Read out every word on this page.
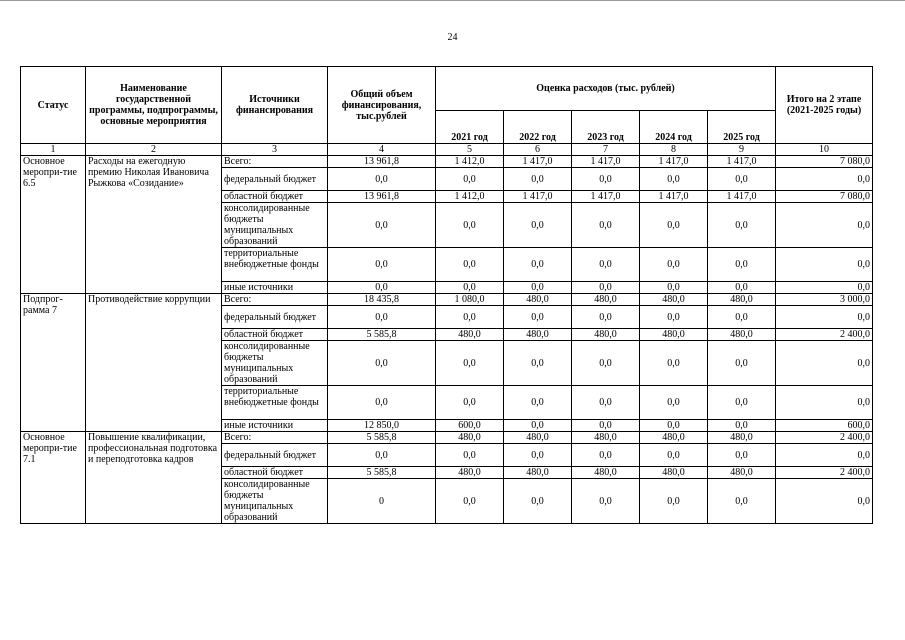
24
Статус	Наименование государственной программы, подпрограммы, основные мероприятия	Источники финансирования	Общий объем финансирования, тыс.рублей	Оценка расходов (тыс. рублей)					Итого на 2 этапе (2021-2025 годы)
				2021 год	2022 год	2023 год	2024 год	2025 год	
1	2	3	4	5	6	7	8	9	10
Основное меропри-тие 6.5	Расходы на ежегодную премию Николая Ивановича Рыжкова «Созидание»	Всего:	13 961,8	1 412,0	1 417,0	1 417,0	1 417,0	1 417,0	7 080,0
		федеральный бюджет	0,0	0,0	0,0	0,0	0,0	0,0	0,0
		областной бюджет	13 961,8	1 412,0	1 417,0	1 417,0	1 417,0	1 417,0	7 080,0
		консолидированные бюджеты муниципальных образований	0,0	0,0	0,0	0,0	0,0	0,0	0,0
		территориальные внебюджетные фонды	0,0	0,0	0,0	0,0	0,0	0,0	0,0
		иные источники	0,0	0,0	0,0	0,0	0,0	0,0	0,0
Подпрог-рамма 7	Противодействие коррупции	Всего:	18 435,8	1 080,0	480,0	480,0	480,0	480,0	3 000,0
		федеральный бюджет	0,0	0,0	0,0	0,0	0,0	0,0	0,0
		областной бюджет	5 585,8	480,0	480,0	480,0	480,0	480,0	2 400,0
		консолидированные бюджеты муниципальных образований	0,0	0,0	0,0	0,0	0,0	0,0	0,0
		территориальные внебюджетные фонды	0,0	0,0	0,0	0,0	0,0	0,0	0,0
		иные источники	12 850,0	600,0	0,0	0,0	0,0	0,0	600,0
Основное меропри-тие 7.1	Повышение квалификации, профессиональная подготовка и переподготовка кадров	Всего:	5 585,8	480,0	480,0	480,0	480,0	480,0	2 400,0
		федеральный бюджет	0,0	0,0	0,0	0,0	0,0	0,0	0,0
		областной бюджет	5 585,8	480,0	480,0	480,0	480,0	480,0	2 400,0
		консолидированные бюджеты муниципальных образований	0	0,0	0,0	0,0	0,0	0,0	0,0
